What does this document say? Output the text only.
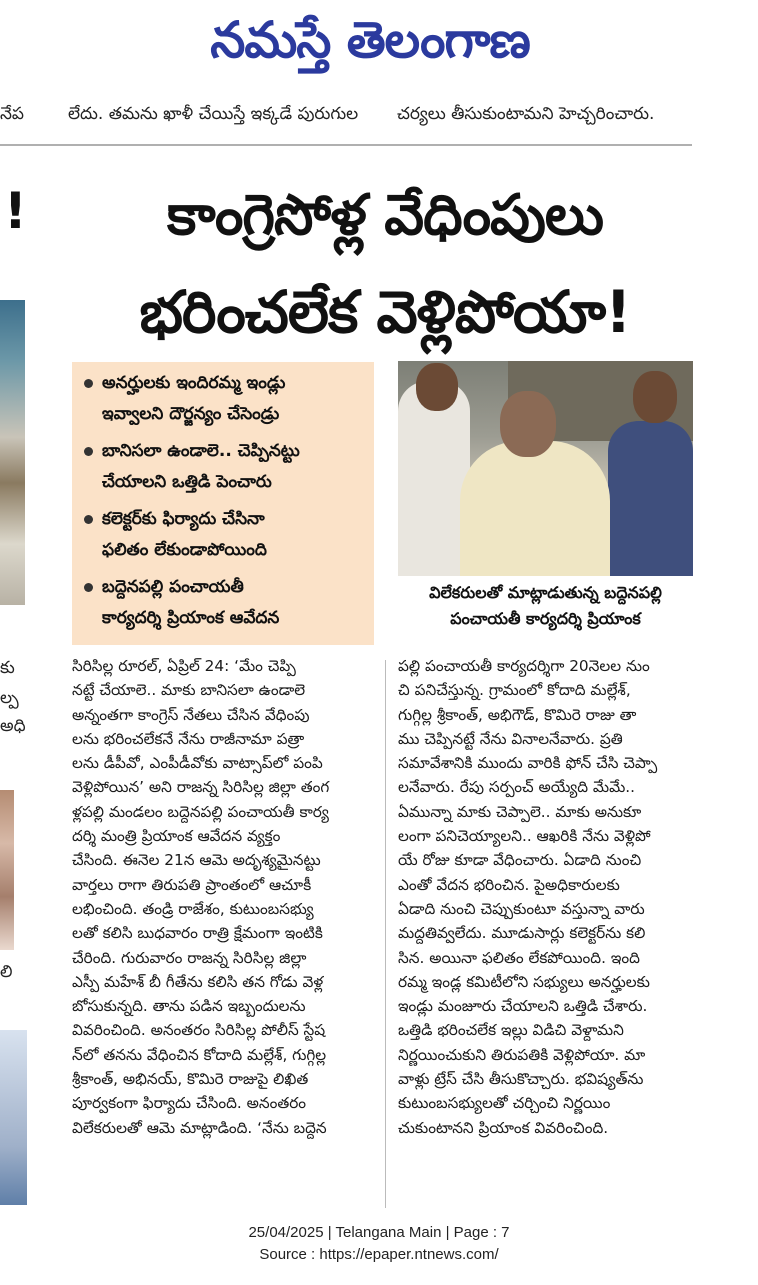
నమస్తే తెలంగాణ
నేప	లేదు. తమను ఖాళీ చేయిస్తే ఇక్కడే పురుగుల చర్యలు తీసుకుంటామని హెచ్చరించారు.
!
కు
ల్ప
అధి
లి
కాంగ్రెసోళ్ల వేధింపులు
భరించలేక వెళ్లిపోయా!
అనర్హులకు ఇందిరమ్మ ఇండ్లు
ఇవ్వాలని దౌర్జన్యం చేసెండ్రు
బానిసలా ఉండాలె.. చెప్పినట్టు
చేయాలని ఒత్తిడి పెంచారు
కలెక్టర్‌కు ఫిర్యాదు చేసినా
ఫలితం లేకుండాపోయింది
బద్దెనపల్లి పంచాయతీ
కార్యదర్శి ప్రియాంక ఆవేదన
విలేకరులతో మాట్లాడుతున్న బద్దెనపల్లి
పంచాయతీ కార్యదర్శి ప్రియాంక
సిరిసిల్ల రూరల్, ఏప్రిల్ 24: ‘మేం చెప్పి
నట్టే చేయాలె.. మాకు బానిసలా ఉండాలె
అన్నంతగా కాంగ్రెస్ నేతలు చేసిన వేధింపు
లను భరించలేకనే నేను రాజీనామా పత్రా
లను డీపీవో, ఎంపీడీవోకు వాట్సాప్‌లో పంపి
వెళ్లిపోయిన’ అని రాజన్న సిరిసిల్ల జిల్లా తంగ
ళ్లపల్లి మండలం బద్దెనపల్లి పంచాయతీ కార్య
దర్శి మంత్రి ప్రియాంక ఆవేదన వ్యక్తం
చేసింది. ఈనెల 21న ఆమె అదృశ్యమైనట్టు
వార్తలు రాగా తిరుపతి ప్రాంతంలో ఆచూకీ
లభించింది. తండ్రి రాజేశం, కుటుంబసభ్యు
లతో కలిసి బుధవారం రాత్రి క్షేమంగా ఇంటికి
చేరింది. గురువారం రాజన్న సిరిసిల్ల జిల్లా
ఎస్పీ మహేశ్ బీ గీతేను కలిసి తన గోడు వెళ్ల
బోసుకున్నది. తాను పడిన ఇబ్బందులను
వివరించింది. అనంతరం సిరిసిల్ల పోలీస్ స్టేష
న్‌లో తనను వేధించిన కోదాది మల్లేశ్, గుగ్గిల్ల
శ్రీకాంత్, అభినయ్, కొమిరె రాజుపై లిఖిత
పూర్వకంగా ఫిర్యాదు చేసింది. అనంతరం
విలేకరులతో ఆమె మాట్లాడింది. ‘నేను బద్దెన
పల్లి పంచాయతీ కార్యదర్శిగా 20నెలల నుం
చి పనిచేస్తున్న. గ్రామంలో కోదాది మల్లేశ్,
గుగ్గిల్ల శ్రీకాంత్, అభిగౌడ్, కొమిరె రాజు తా
ము చెప్పినట్టే నేను వినాలనేవారు. ప్రతి
సమావేశానికి ముందు వారికి ఫోన్ చేసి చెప్పా
లనేవారు. రేపు సర్పంచ్ అయ్యేది మేమే..
ఏమున్నా మాకు చెప్పాలె.. మాకు అనుకూ
లంగా పనిచెయ్యాలని.. ఆఖరికి నేను వెళ్లిపో
యే రోజు కూడా వేధించారు. ఏడాది నుంచి
ఎంతో వేదన భరించిన. పైఅధికారులకు
ఏడాది నుంచి చెప్పుకుంటూ వస్తున్నా వారు
మద్దతివ్వలేదు. మూడుసార్లు కలెక్టర్‌ను కలి
సిన. అయినా ఫలితం లేకపోయింది. ఇంది
రమ్మ ఇండ్ల కమిటీలోని సభ్యులు అనర్హులకు
ఇండ్లు మంజూరు చేయాలని ఒత్తిడి చేశారు.
ఒత్తిడి భరించలేక ఇల్లు విడిచి వెళ్దామని
నిర్ణయించుకుని తిరుపతికి వెళ్లిపోయా. మా
వాళ్లు ట్రేస్ చేసి తీసుకొచ్చారు. భవిష్యత్‌ను
కుటుంబసభ్యులతో చర్చించి నిర్ణయిం
చుకుంటానని ప్రియాంక వివరించింది.
25/04/2025 | Telangana Main | Page : 7
Source : https://epaper.ntnews.com/
